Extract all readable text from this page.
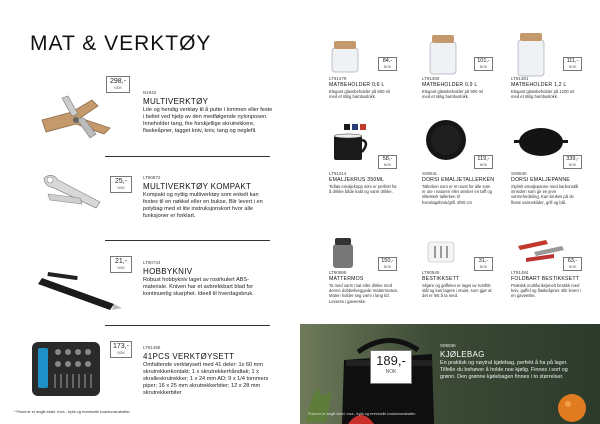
MAT & VERKTØY
298,-
NOK
N1942
MULTIVERKTØY
Lite og hendig verktøy til å putte i lommen eller feste i beltet ved hjelp av den medfølgende nylonposen. Inneholder tang, fire forskjellige skrutrekkere, flaskeåpner, tagget kniv, kniv, tang og neglefil.
25,-
NOK
LT90972
MULTIVERKTØY KOMPAKT
Kompakt og nyttig multiverktøy som enkelt kan festes til en nøkkel eller en bukse. Blir levert i en polybag med et lite instruksjonskort hvor alle funksjoner er forklart.
21,-
NOK
LT90734
HOBBYKNIV
Robust hobbykniv laget av rosirkulert ABS-materiale. Kniven har et avbrekkbart blad for kontinuerlig skarphet. Ideell til hverdagsbruk.
173,-
NOK
LT91495
41PCS VERKTØYSETT
Omfattende verktøysett med 41 deler: 1x 60 mm skrutrekkerkontakt; 1 x skrutrekkerhåndtak; 1 x skralleskrutrekker; 1 x 24 mm AD; 9 x 1/4 tommers piper; 16 x 25 mm skrutrekkerbiter; 12 x 28 mm skrutrekkerbiter
* Priserne er angitt ekskl. mva., trykk og eventuelle kvantumsrabatter.
84,-
NOK
LT91479
MATBEHOLDER 0,6 L
Elegant glassbeholder på 600 ml med et stilig bambuslokk.
101,-
NOK
LT91480
MATBEHOLDER 0,9 L
Elegant glassbeholder på 900 ml med et stilig bambuslokk.
111,-
NOK
LT91481
MATBEHOLDER 1,2 L
Elegant glassbeholder på 1200 ml med et stilig bambuslokk.
58,-
NOK
LT91314
EMALJEKRUS 350ML
Tidløs emaljekopp som er perfekt for å drikke både kald og varm drikke.
119,-
NOK
S0954L
DORSI EMALJETALLERKEN
Tallerken som er et must for alle som er ute i naturen eller ønsker en tøff og slitesterk tallerken til hverdagsbruk/grill. Ø20 cm
339,-
NOK
S0954K
DORSI EMALJEPANNE
Stylish emaljepanne med karbonstål innsiden som gir en jevn varmefordeling. Kan brukes på de fleste varmekilder, grill og bål.
150,-
NOK
LT90965
MATTERMOS
Ta med varm mat eller drikke med denne dobbeltveggede mattermosen. Maten holder seg varm i lang tid. Leveres i gaveeske.
31,-
NOK
LT90945
BESTIKKSETT
Skjøre og gaffelen er laget av rustfritt stål og kan lagres i etuiet, som gjør at det er lett å ta med.
63,-
NOK
LT91484
FOLDBART BESTIKKSETT
Praktisk multifunksjonelt bestikk med kniv, gaffel og flaskeåpner. Blir levert i en gaveeske.
189,-
NOK
S0903K
KJØLEBAG
En praktisk og nøytral kjølebag, perfekt å ha på lager. Tilfelle du behøver å holde noe kjølig. Finnes i sort og grønn. Den grønne kjølebagen finnes i to størrelser.
Priserne er angitt ekskl. mva., trykk og eventuelle kvantumsrabatter.
